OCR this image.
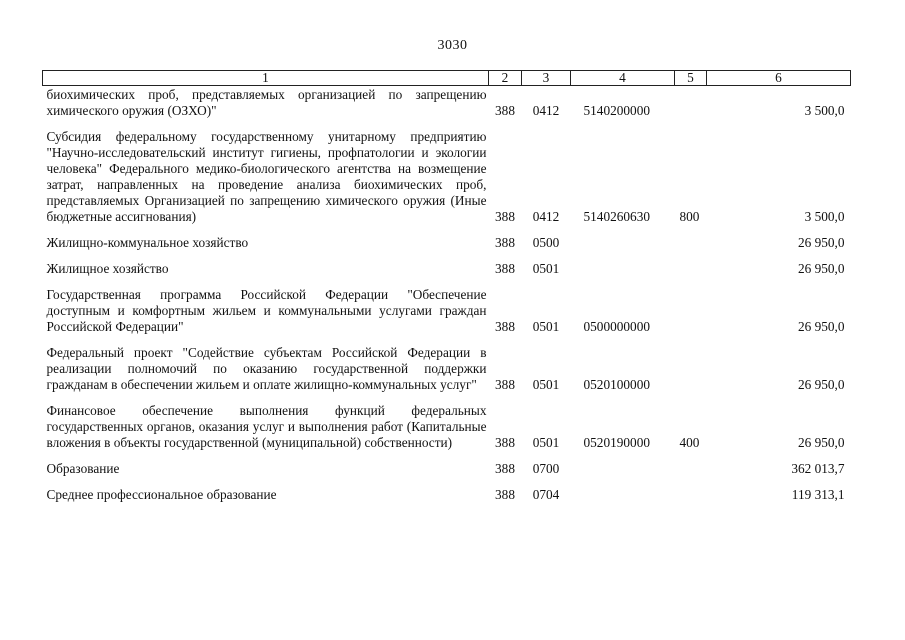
3030
1	2	3	4	5	6
биохимических проб, представляемых организацией по запрещению химического оружия (ОЗХО)"	388	0412	5140200000		3 500,0
Субсидия федеральному государственному унитарному предприятию "Научно-исследовательский институт гигиены, профпатологии и экологии человека" Федерального медико-биологического агентства на возмещение затрат, направленных на проведение анализа биохимических проб, представляемых Организацией по запрещению химического оружия (Иные бюджетные ассигнования)	388	0412	5140260630	800	3 500,0
Жилищно-коммунальное хозяйство	388	0500			26 950,0
Жилищное хозяйство	388	0501			26 950,0
Государственная программа Российской Федерации "Обеспечение доступным и комфортным жильем и коммунальными услугами граждан Российской Федерации"	388	0501	0500000000		26 950,0
Федеральный проект "Содействие субъектам Российской Федерации в реализации полномочий по оказанию государственной поддержки гражданам в обеспечении жильем и оплате жилищно-коммунальных услуг"	388	0501	0520100000		26 950,0
Финансовое обеспечение выполнения функций федеральных государственных органов, оказания услуг и выполнения работ (Капитальные вложения в объекты государственной (муниципальной) собственности)	388	0501	0520190000	400	26 950,0
Образование	388	0700			362 013,7
Среднее профессиональное образование	388	0704			119 313,1
